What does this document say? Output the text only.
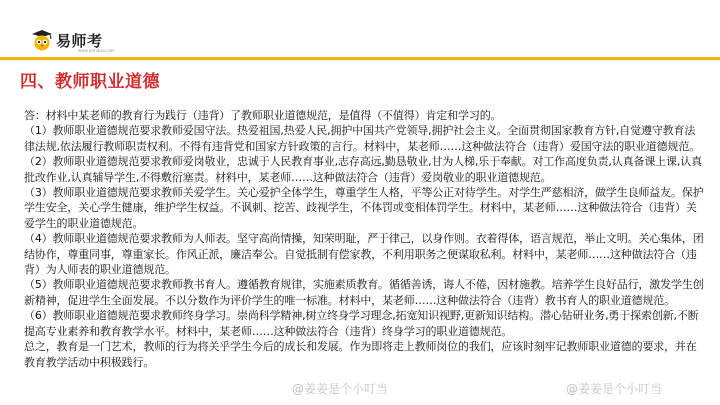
易师考
www.yishikao.com
四、教师职业道德

答：材料中某老师的教育行为践行（违背）了教师职业道德规范，是值得（不值得）肯定和学习的。

（1）教师职业道德规范要求教师爱国守法。热爱祖国,热爱人民,拥护中国共产党领导,拥护社会主义。全面贯彻国家教育方针,自觉遵守教育法律法规,依法履行教师职责权利。不得有违背党和国家方针政策的言行。材料中，某老师……这种做法符合（违背）爱国守法的职业道德规范。

（2）教师职业道德规范要求教师爱岗敬业，忠诚于人民教育事业,志存高远,勤恳敬业,甘为人梯,乐于奉献。对工作高度负责,认真备课上课,认真批改作业,认真辅导学生,不得敷衍塞责。材料中，某老师……这种做法符合（违背）爱岗敬业的职业道德规范。

（3）教师职业道德规范要求教师关爱学生。关心爱护全体学生，尊重学生人格，平等公正对待学生。对学生严慈相济，做学生良师益友。保护学生安全，关心学生健康，维护学生权益。不讽刺、挖苦、歧视学生，不体罚或变相体罚学生。材料中，某老师……这种做法符合（违背）关爱学生的职业道德规范。

（4）教师职业道德规范要求教师为人师表。坚守高尚情操，知荣明耻，严于律己，以身作则。衣着得体，语言规范，举止文明。关心集体，团结协作，尊重同事，尊重家长。作风正派，廉洁奉公。自觉抵制有偿家教，不利用职务之便谋取私利。材料中，某老师……这种做法符合（违背）为人师表的职业道德规范。

（5）教师职业道德规范要求教师教书育人。遵循教育规律，实施素质教育。循循善诱，诲人不倦，因材施教。培养学生良好品行，激发学生创新精神，促进学生全面发展。不以分数作为评价学生的唯一标准。材料中，某老师……这种做法符合（违背）教书育人的职业道德规范。

（6）教师职业道德规范要求教师终身学习。崇尚科学精神,树立终身学习理念,拓宽知识视野,更新知识结构。潜心钻研业务,勇于探索创新,不断提高专业素养和教育教学水平。材料中，某老师……这种做法符合（违背）终身学习的职业道德规范。

总之，教育是一门艺术，教师的行为将关乎学生今后的成长和发展。作为即将走上教师岗位的我们，应该时刻牢记教师职业道德的要求，并在教育教学活动中积极践行。

@姜姜是个小叮当	@姜姜是个小叮当
